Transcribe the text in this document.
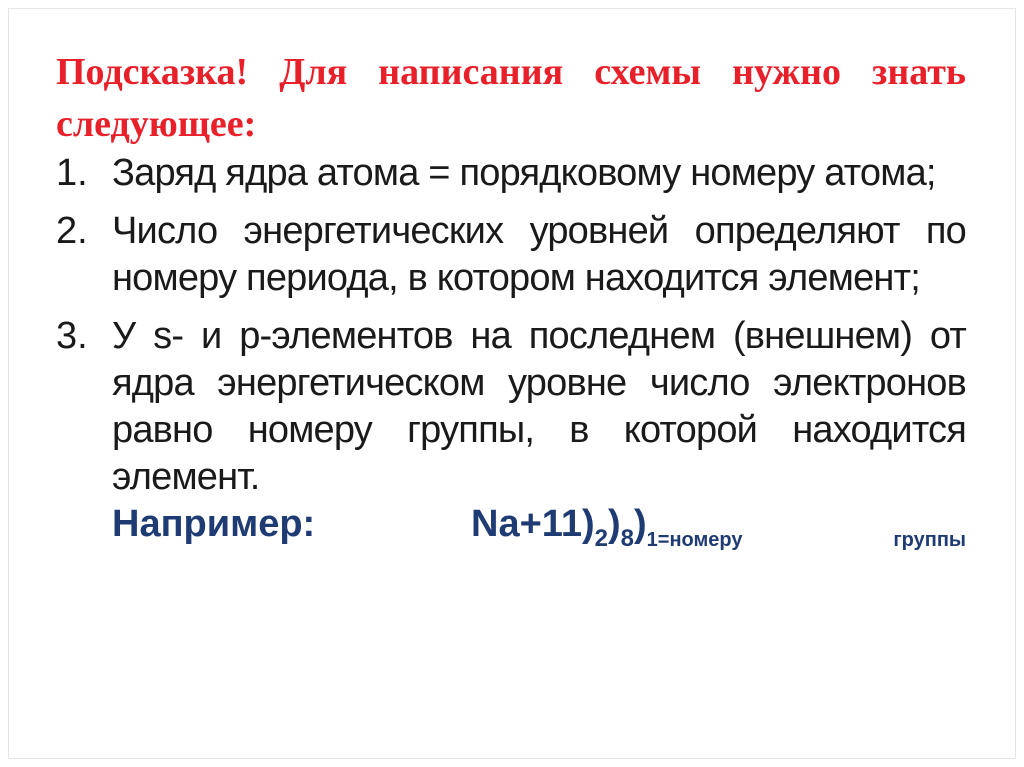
Подсказка! Для написания схемы нужно знать следующее:
1. Заряд ядра атома = порядковому номеру атома;
2. Число энергетических уровней определяют по номеру периода, в котором находится элемент;
3. У s- и p-элементов на последнем (внешнем) от ядра энергетическом уровне число электронов равно номеру группы, в которой находится элемент.
Например: $Na+11)_2)_8)_{1=номеру группы}$
